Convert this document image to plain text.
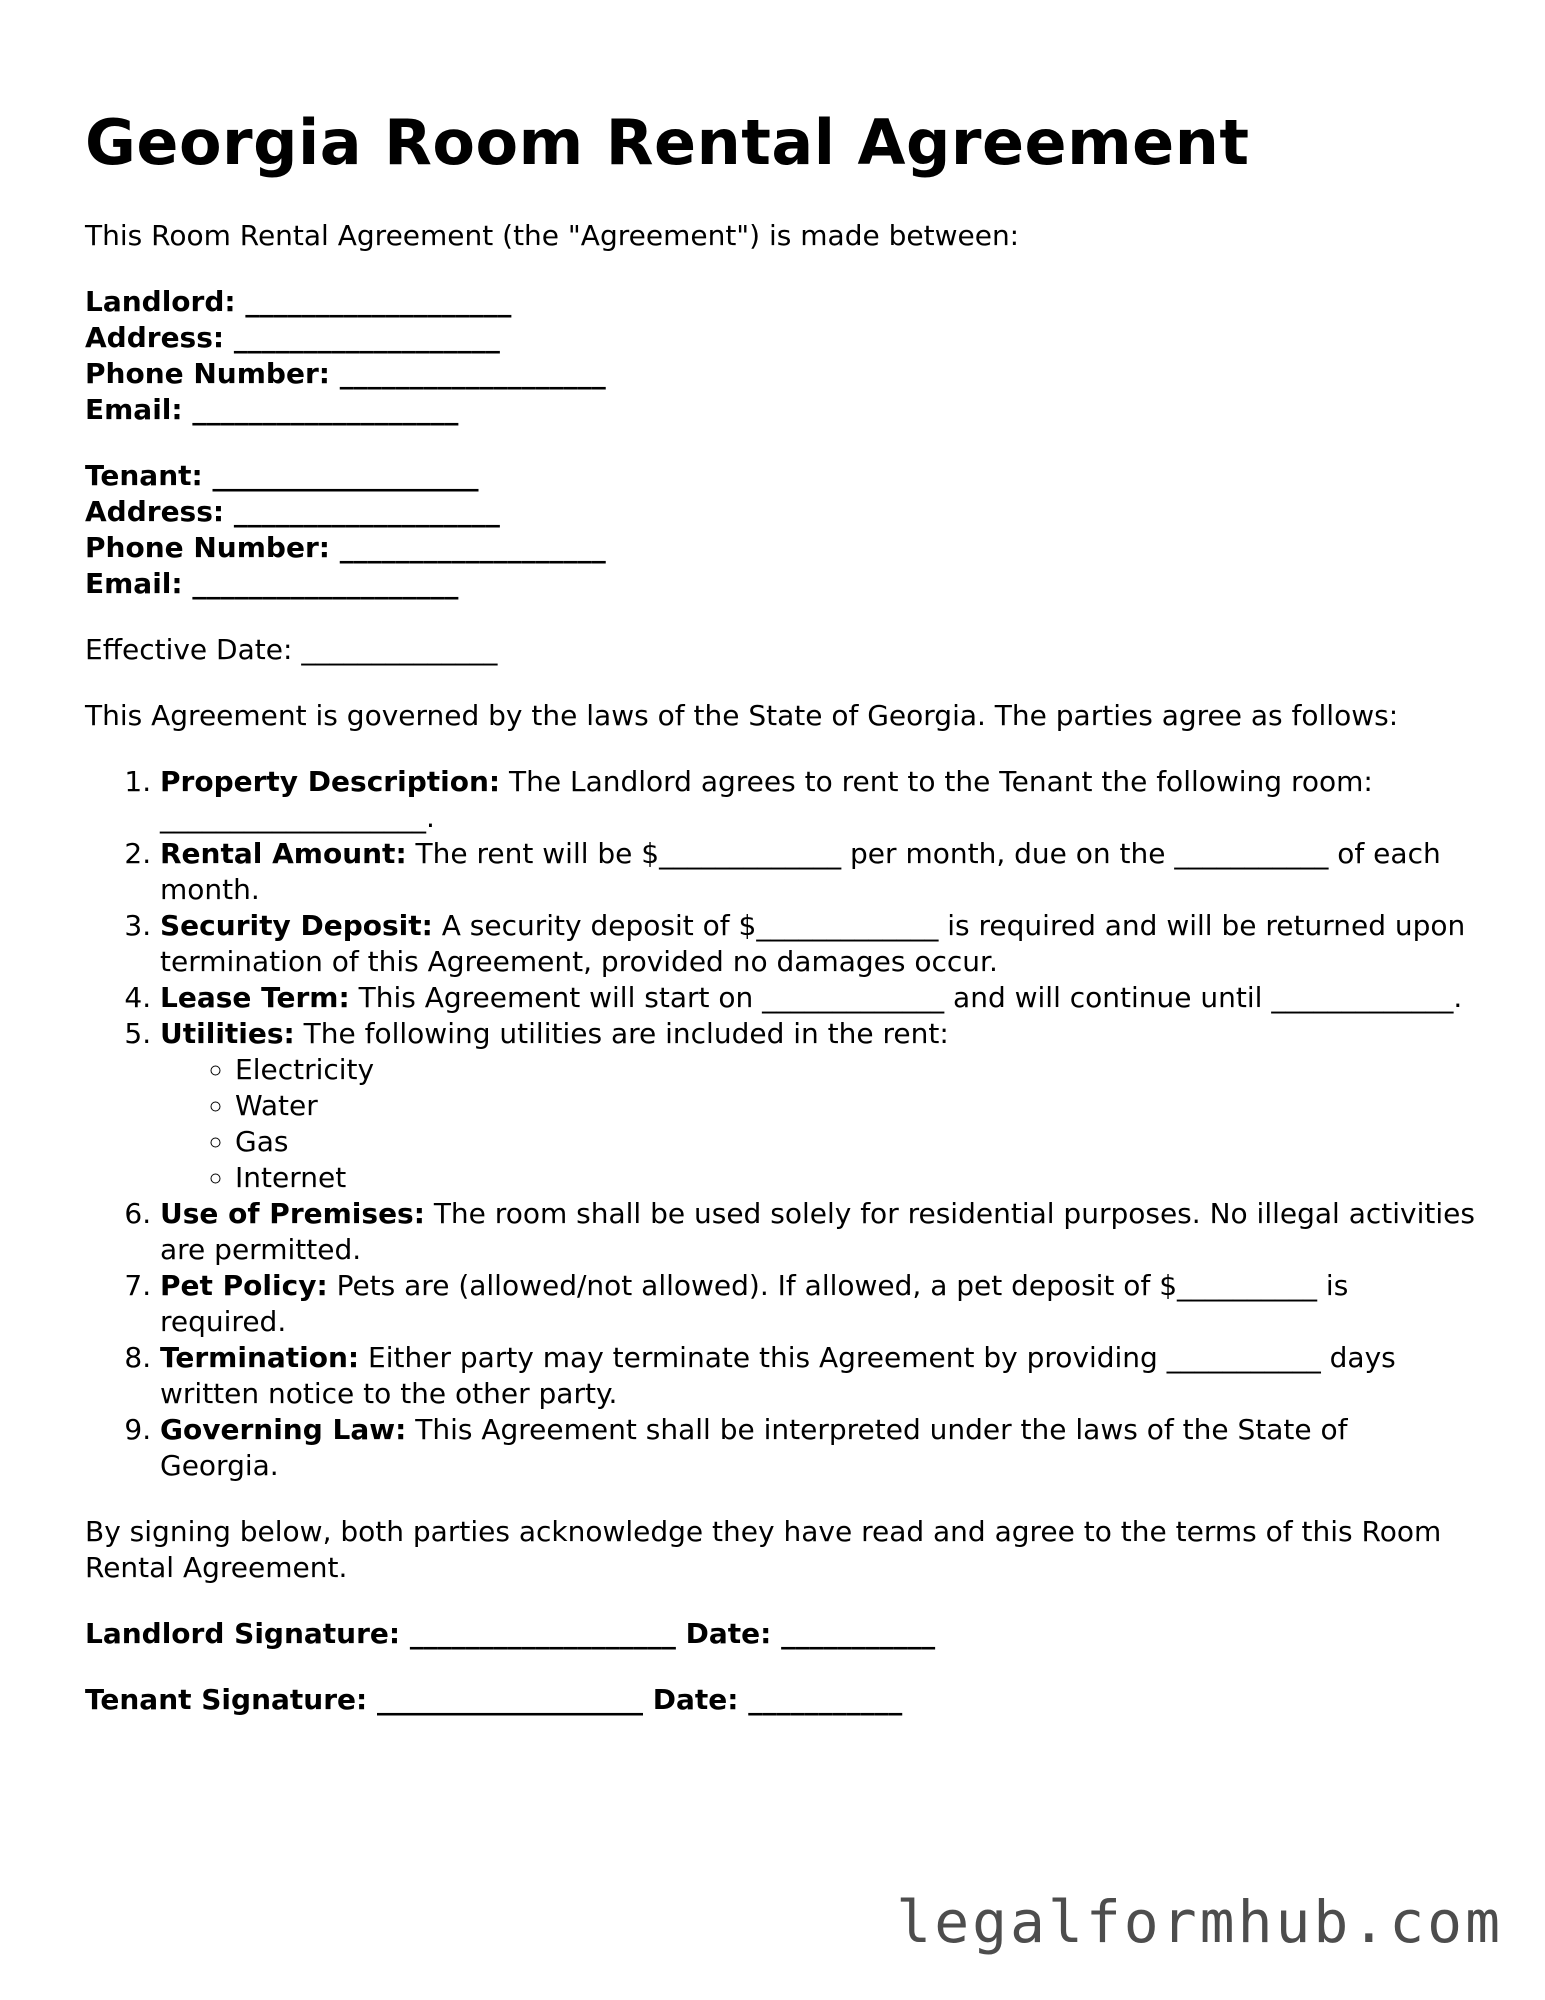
Georgia Room Rental Agreement

This Room Rental Agreement (the "Agreement") is made between:

Landlord: ___________________

Address: ___________________

Phone Number: ___________________

Email: ___________________

Tenant: ___________________

Address: ___________________

Phone Number: ___________________

Email: ___________________

Effective Date: ______________

This Agreement is governed by the laws of the State of Georgia. The parties agree as follows:

1. Property Description: The Landlord agrees to rent to the Tenant the following room: ___________________.
2. Rental Amount: The rent will be $_____________ per month, due on the ___________ of each month.
3. Security Deposit: A security deposit of $_____________ is required and will be returned upon termination of this Agreement, provided no damages occur.
4. Lease Term: This Agreement will start on _____________ and will continue until _____________.
5. Utilities: The following utilities are included in the rent:
◦ Electricity
◦ Water
◦ Gas
◦ Internet
6. Use of Premises: The room shall be used solely for residential purposes. No illegal activities are permitted.
7. Pet Policy: Pets are (allowed/not allowed). If allowed, a pet deposit of $__________ is required.
8. Termination: Either party may terminate this Agreement by providing ___________ days written notice to the other party.
9. Governing Law: This Agreement shall be interpreted under the laws of the State of Georgia.

By signing below, both parties acknowledge they have read and agree to the terms of this Room Rental Agreement.

Landlord Signature: ___________________ Date: ___________

Tenant Signature: ___________________ Date: ___________

legalformhub.com
